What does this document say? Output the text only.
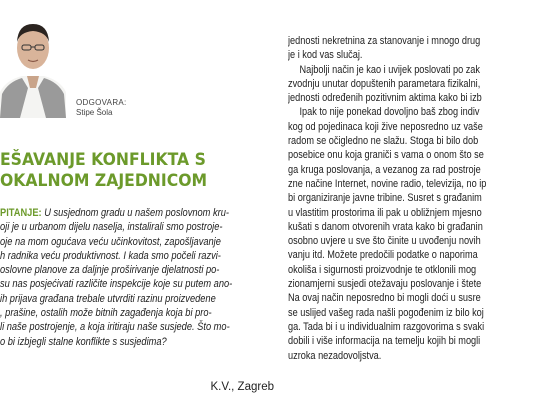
ODGOVARA:
Stipe Šola
EŠAVANJE KONFLIKTA S
OKALNOM ZAJEDNICOM
PITANJE: U susjednom gradu u našem poslovnom kru-
oji je u urbanom dijelu naselja, instalirali smo postroje-
oje na mom ogućava veću učinkovitost, zapošljavanje
h radnika veću produktivnost. I kada smo počeli razvi-
oslovne planove za daljnje proširivanje djelatnosti po-
su nas posjećivati različite inspekcije koje su putem ano-
ih prijava građana trebale utvrditi razinu proizvedene
, prašine, ostalih može bitnih zagađenja koja bi pro-
li naše postrojenje, a koja iritiraju naše susjede. Što mo-
o bi izbjegli stalne konflikte s susjedima?
K.V., Zagreb
jednosti nekretnina za stanovanje i mnogo drug
je i kod vas slučaj.
Najbolji način je kao i uvijek poslovati po zak
zvodnju unutar dopuštenih parametara fizikalni,
jednosti određenih pozitivnim aktima kako bi izb
Ipak to nije ponekad dovoljno baš zbog indiv
kog od pojedinaca koji žive neposredno uz vaše
radom se očigledno ne slažu. Stoga bi bilo dob
posebice onu koja graniči s vama o onom što se
ga kruga poslovanja, a vezanog za rad postroje
zne načine Internet, novine radio, televizija, no ip
bi organiziranje javne tribine. Susret s građanim
u vlastitim prostorima ili pak u obližnjem mjesno
kušati s danom otvorenih vrata kako bi građanin
osobno uvjere u sve što činite u uvođenju novih
vanju itd. Možete predočili podatke o naporima
okoliša i sigurnosti proizvodnje te otklonili mog
zionamjerni susjedi otežavaju poslovanje i štete
Na ovaj način neposredno bi mogli doći u susre
se uslijed vašeg rada našli pogođenim iz bilo koj
ga. Tada bi i u individualnim razgovorima s svaki
dobili i više informacija na temelju kojih bi mogli
uzroka nezadovoljstva.
